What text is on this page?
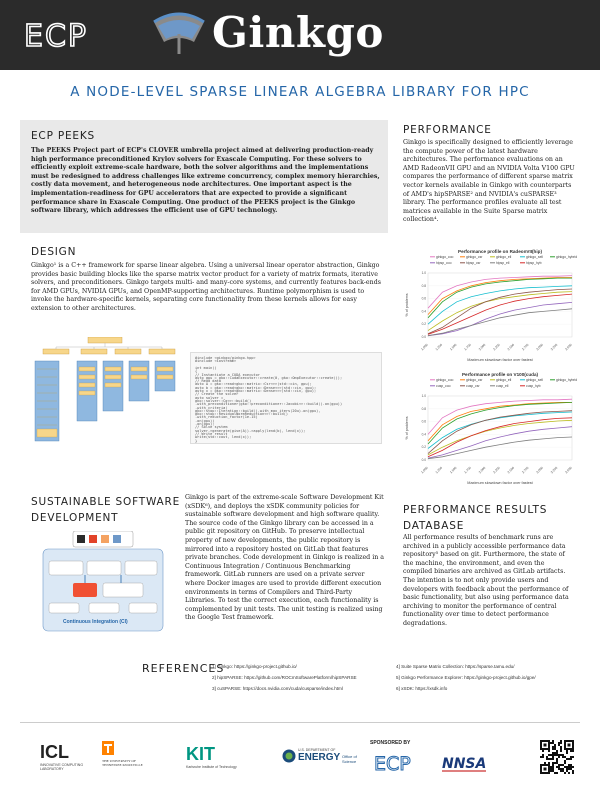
ECP	Ginkgo
A NODE-LEVEL SPARSE LINEAR ALGEBRA LIBRARY FOR HPC
ECP PEEKS
The PEEKS Project part of ECP's CLOVER umbrella project aimed at delivering production-ready high performance preconditioned Krylov solvers for Exascale Computing. For these solvers to efficiently exploit extreme-scale hardware, both the solver algorithms and the implementations must be redesigned to address challenges like extreme concurrency, complex memory hierarchies, costly data movement, and heterogeneous node architectures. One important aspect is the implementation-readiness for GPU accelerators that are expected to provide a significant performance share in Exascale Computing. One product of the PEEKS project is the Ginkgo software library, which addresses the efficient use of GPU technology.
PERFORMANCE
Ginkgo is specifically designed to efficiently leverage the compute power of the latest hardware architectures. The performance evaluations on an AMD RadeonVII GPU and an NVIDIA Volta V100 GPU compares the performance of different sparse matrix vector kernels available in Ginkgo with counterparts of AMD's hipSPARSE² and NVIDIA's cuSPARSE³ library. The performance profiles evaluate all test matrices available in the Suite Sparse matrix collection⁴.
DESIGN
Ginkgo¹ is a C++ framework for sparse linear algebra. Using a universal linear operator abstraction, Ginkgo provides basic building blocks like the sparse matrix vector product for a variety of matrix formats, iterative solvers, and preconditioners. Ginkgo targets multi- and many-core systems, and currently features back-ends for AMD GPUs, NVIDIA GPUs, and OpenMP-supporting architectures. Runtime polymorphism is used to invoke the hardware-specific kernels, separating core functionality from these kernels allows for easy extension to other architectures.
#include <ginkgo/ginkgo.hpp>
#include <iostream>
int main()
{
// Instantiate a CUDA executor
auto gpu = gko::CudaExecutor::create(0, gko::OmpExecutor::create());
// Read data
auto A = gko::read<gko::matrix::Csr<>>(std::cin, gpu);
auto b = gko::read<gko::matrix::Dense<>>(std::cin, gpu);
auto x = gko::read<gko::matrix::Dense<>>(std::cin, gpu);
// Create the solver
auto solver =
gko::solver::Cg<>::build()
.with_preconditioner(gko::preconditioner::Jacobi<>::build().on(gpu))
.with_criteria(
gko::stop::Iteration::build().with_max_iters(20u).on(gpu),
gko::stop::ResidualNormReduction<>::build()
.with_reduction_factor(1e-15)
.on(gpu))
.on(gpu);
// Solve system
solver->generate(give(A))->apply(lend(b), lend(x));
// Write result
write(std::cout, lend(x));
}
Performance profile on RadeonVII(hip)
ginkgo_coo	ginkgo_csr	ginkgo_ell	ginkgo_sell	ginkgo_hybrid
hipsp_coo	hipsp_csr	hipsp_ell	hipsp_hyb
0.0
0.2
0.4
0.6
0.8
1.0
1.000 1.250 1.500 1.750 2.000 2.250 2.500 2.750 3.000 3.250 3.500
% of problems
Maximum slowdown factor over fastest
Performance profile on V100(cuda)
ginkgo_coo	ginkgo_csr	ginkgo_ell	ginkgo_sell	ginkgo_hybrid
cusp_coo	cusp_csr	cusp_ell	cusp_hyb
0.0
0.2
0.4
0.6
0.8
1.0
1.000 1.250 1.500 1.750 2.000 2.250 2.500 2.750 3.000 3.250 3.500
% of problems
Maximum slowdown factor over fastest
SUSTAINABLE SOFTWARE
DEVELOPMENT
Ginkgo is part of the extreme-scale Software Development Kit (xSDK⁶), and deploys the xSDK community policies for sustainable software development and high software quality. The source code of the Ginkgo library can be accessed in a public git repository on GitHub. To preserve intellectual property of new developments, the public repository is mirrored into a repository hosted on GitLab that features private branches. Code development in Ginkgo is realized in a Continuous Integration / Continuous Benchmarking framework. GitLab runners are used on a private server where Docker images are used to provide different execution environments in terms of Compilers and Third-Party Libraries. To test the correct execution, each functionality is complemented by unit tests. The unit testing is realized using the Google Test framework.
Continuous Integration (CI)
PERFORMANCE RESULTS
DATABASE
All performance results of benchmark runs are archived in a publicly accessible performance data repository⁵ based on git. Furthermore, the state of the machine, the environment, and even the compiled binaries are archived as GitLab artifacts. The intention is to not only provide users and developers with feedback about the performance of basic functionality, but also using performance data archiving to monitor the performance of central functionality over time to detect performance degradations.
REFERENCES
1] Ginkgo: https://ginkgo-project.github.io/
2] hipSPARSE: https://github.com/ROCmSoftwarePlatform/hipSPARSE
3] cuSPARSE: https://docs.nvidia.com/cuda/cusparse/index.html
4] Suite Sparse Matrix Collection: https://sparse.tamu.edu/
5] Ginkgo Performance Explorer: https://ginkgo-project.github.io/gpe/
6] xSDK: https://xsdk.info
ICL
INNOVATIVE COMPUTING LABORATORY
THE UNIVERSITY OF TENNESSEE KNOXVILLE
KIT
Karlsruhe Institute of Technology
U.S. DEPARTMENT OF
ENERGY Office of Science
SPONSORED BY
ECP NNSA
